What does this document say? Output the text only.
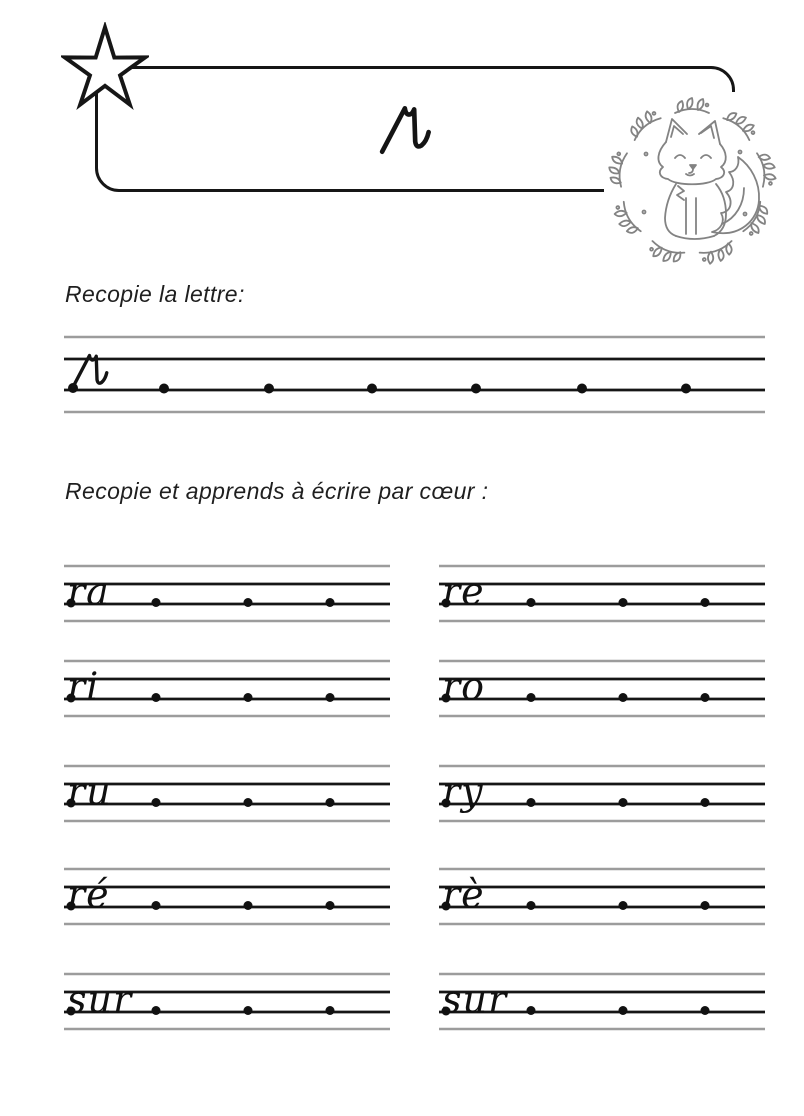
Recopie la lettre:
Recopie et apprends à écrire par cœur :
ra	re
ri	ro
ru	ry
ré	rè
sur	sur
